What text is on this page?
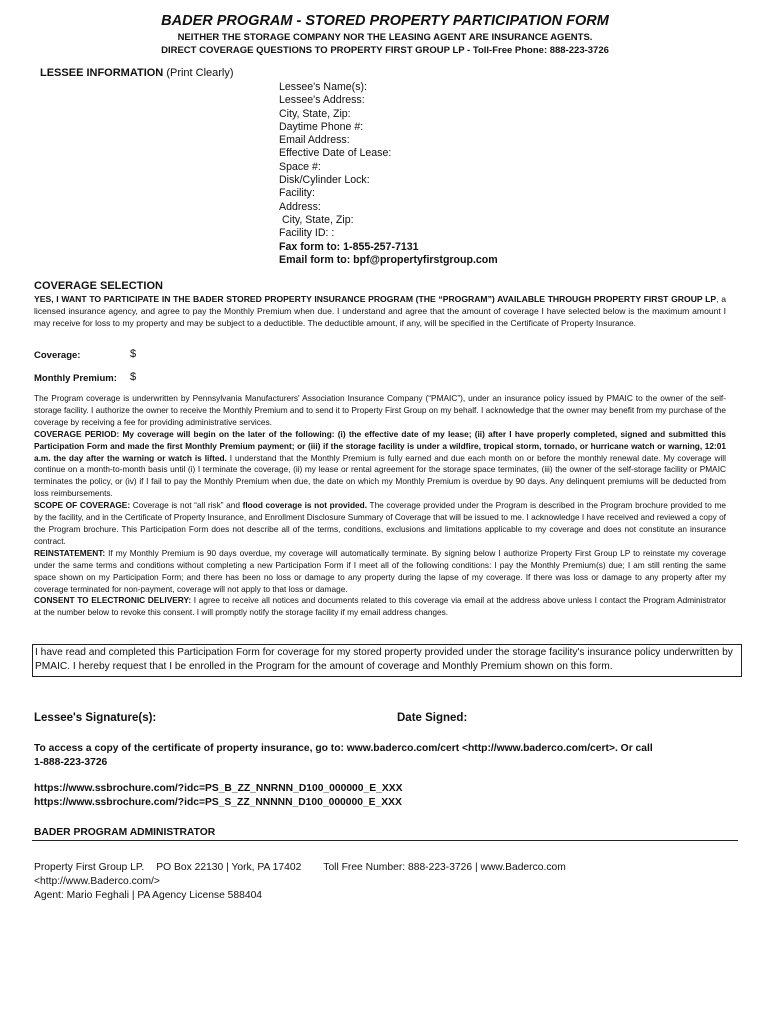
BADER PROGRAM - STORED PROPERTY PARTICIPATION FORM
NEITHER THE STORAGE COMPANY NOR THE LEASING AGENT ARE INSURANCE AGENTS.
DIRECT COVERAGE QUESTIONS TO PROPERTY FIRST GROUP LP - Toll-Free Phone: 888-223-3726
LESSEE INFORMATION (Print Clearly)
Lessee's Name(s):
Lessee's Address:
City, State, Zip:
Daytime Phone #:
Email Address:
Effective Date of Lease:
Space #:
Disk/Cylinder Lock:
Facility:
Address:
City, State, Zip:
Facility ID: :
Fax form to: 1-855-257-7131
Email form to: bpf@propertyfirstgroup.com
COVERAGE SELECTION
YES, I WANT TO PARTICIPATE IN THE BADER STORED PROPERTY INSURANCE PROGRAM (THE “PROGRAM”) AVAILABLE THROUGH PROPERTY FIRST GROUP LP, a licensed insurance agency, and agree to pay the Monthly Premium when due. I understand and agree that the amount of coverage I have selected below is the maximum amount I may receive for loss to my property and may be subject to a deductible. The deductible amount, if any, will be specified in the Certificate of Property Insurance.
Coverage:	$
Monthly Premium: $
The Program coverage is underwritten by Pennsylvania Manufacturers' Association Insurance Company (“PMAIC”), under an insurance policy issued by PMAIC to the owner of the self-storage facility. I authorize the owner to receive the Monthly Premium and to send it to Property First Group on my behalf. I acknowledge that the owner may benefit from my purchase of the coverage by receiving a fee for providing administrative services.
COVERAGE PERIOD: My coverage will begin on the later of the following: (i) the effective date of my lease; (ii) after I have properly completed, signed and submitted this Participation Form and made the first Monthly Premium payment; or (iii) if the storage facility is under a wildfire, tropical storm, tornado, or hurricane watch or warning, 12:01 a.m. the day after the warning or watch is lifted. I understand that the Monthly Premium is fully earned and due each month on or before the monthly renewal date. My coverage will continue on a month-to-month basis until (i) I terminate the coverage, (ii) my lease or rental agreement for the storage space terminates, (iii) the owner of the self-storage facility or PMAIC terminates the policy, or (iv) if I fail to pay the Monthly Premium when due, the date on which my Monthly Premium is overdue by 90 days. Any delinquent premiums will be deducted from loss reimbursements.
SCOPE OF COVERAGE: Coverage is not “all risk” and flood coverage is not provided. The coverage provided under the Program is described in the Program brochure provided to me by the facility, and in the Certificate of Property Insurance, and Enrollment Disclosure Summary of Coverage that will be issued to me. I acknowledge I have received and reviewed a copy of the Program brochure. This Participation Form does not describe all of the terms, conditions, exclusions and limitations applicable to my coverage and does not constitute an insurance contract.
REINSTATEMENT: If my Monthly Premium is 90 days overdue, my coverage will automatically terminate. By signing below I authorize Property First Group LP to reinstate my coverage under the same terms and conditions without completing a new Participation Form if I meet all of the following conditions: I pay the Monthly Premium(s) due; I am still renting the same space shown on my Participation Form; and there has been no loss or damage to any property during the lapse of my coverage. If there was loss or damage to any property after my coverage terminated for non-payment, coverage will not apply to that loss or damage.
CONSENT TO ELECTRONIC DELIVERY: I agree to receive all notices and documents related to this coverage via email at the address above unless I contact the Program Administrator at the number below to revoke this consent. I will promptly notify the storage facility if my email address changes.
I have read and completed this Participation Form for coverage for my stored property provided under the storage facility's insurance policy underwritten by PMAIC. I hereby request that I be enrolled in the Program for the amount of coverage and Monthly Premium shown on this form.
Lessee's Signature(s):	Date Signed:
To access a copy of the certificate of property insurance, go to: www.baderco.com/cert <http://www.baderco.com/cert>. Or call
1-888-223-3726
https://www.ssbrochure.com/?idc=PS_B_ZZ_NNRNN_D100_000000_E_XXX
https://www.ssbrochure.com/?idc=PS_S_ZZ_NNNNN_D100_000000_E_XXX
BADER PROGRAM ADMINISTRATOR
Property First Group LP. PO Box 22130 | York, PA 17402 Toll Free Number: 888-223-3726 | www.Baderco.com
<http://www.Baderco.com/>
Agent: Mario Feghali | PA Agency License 588404
